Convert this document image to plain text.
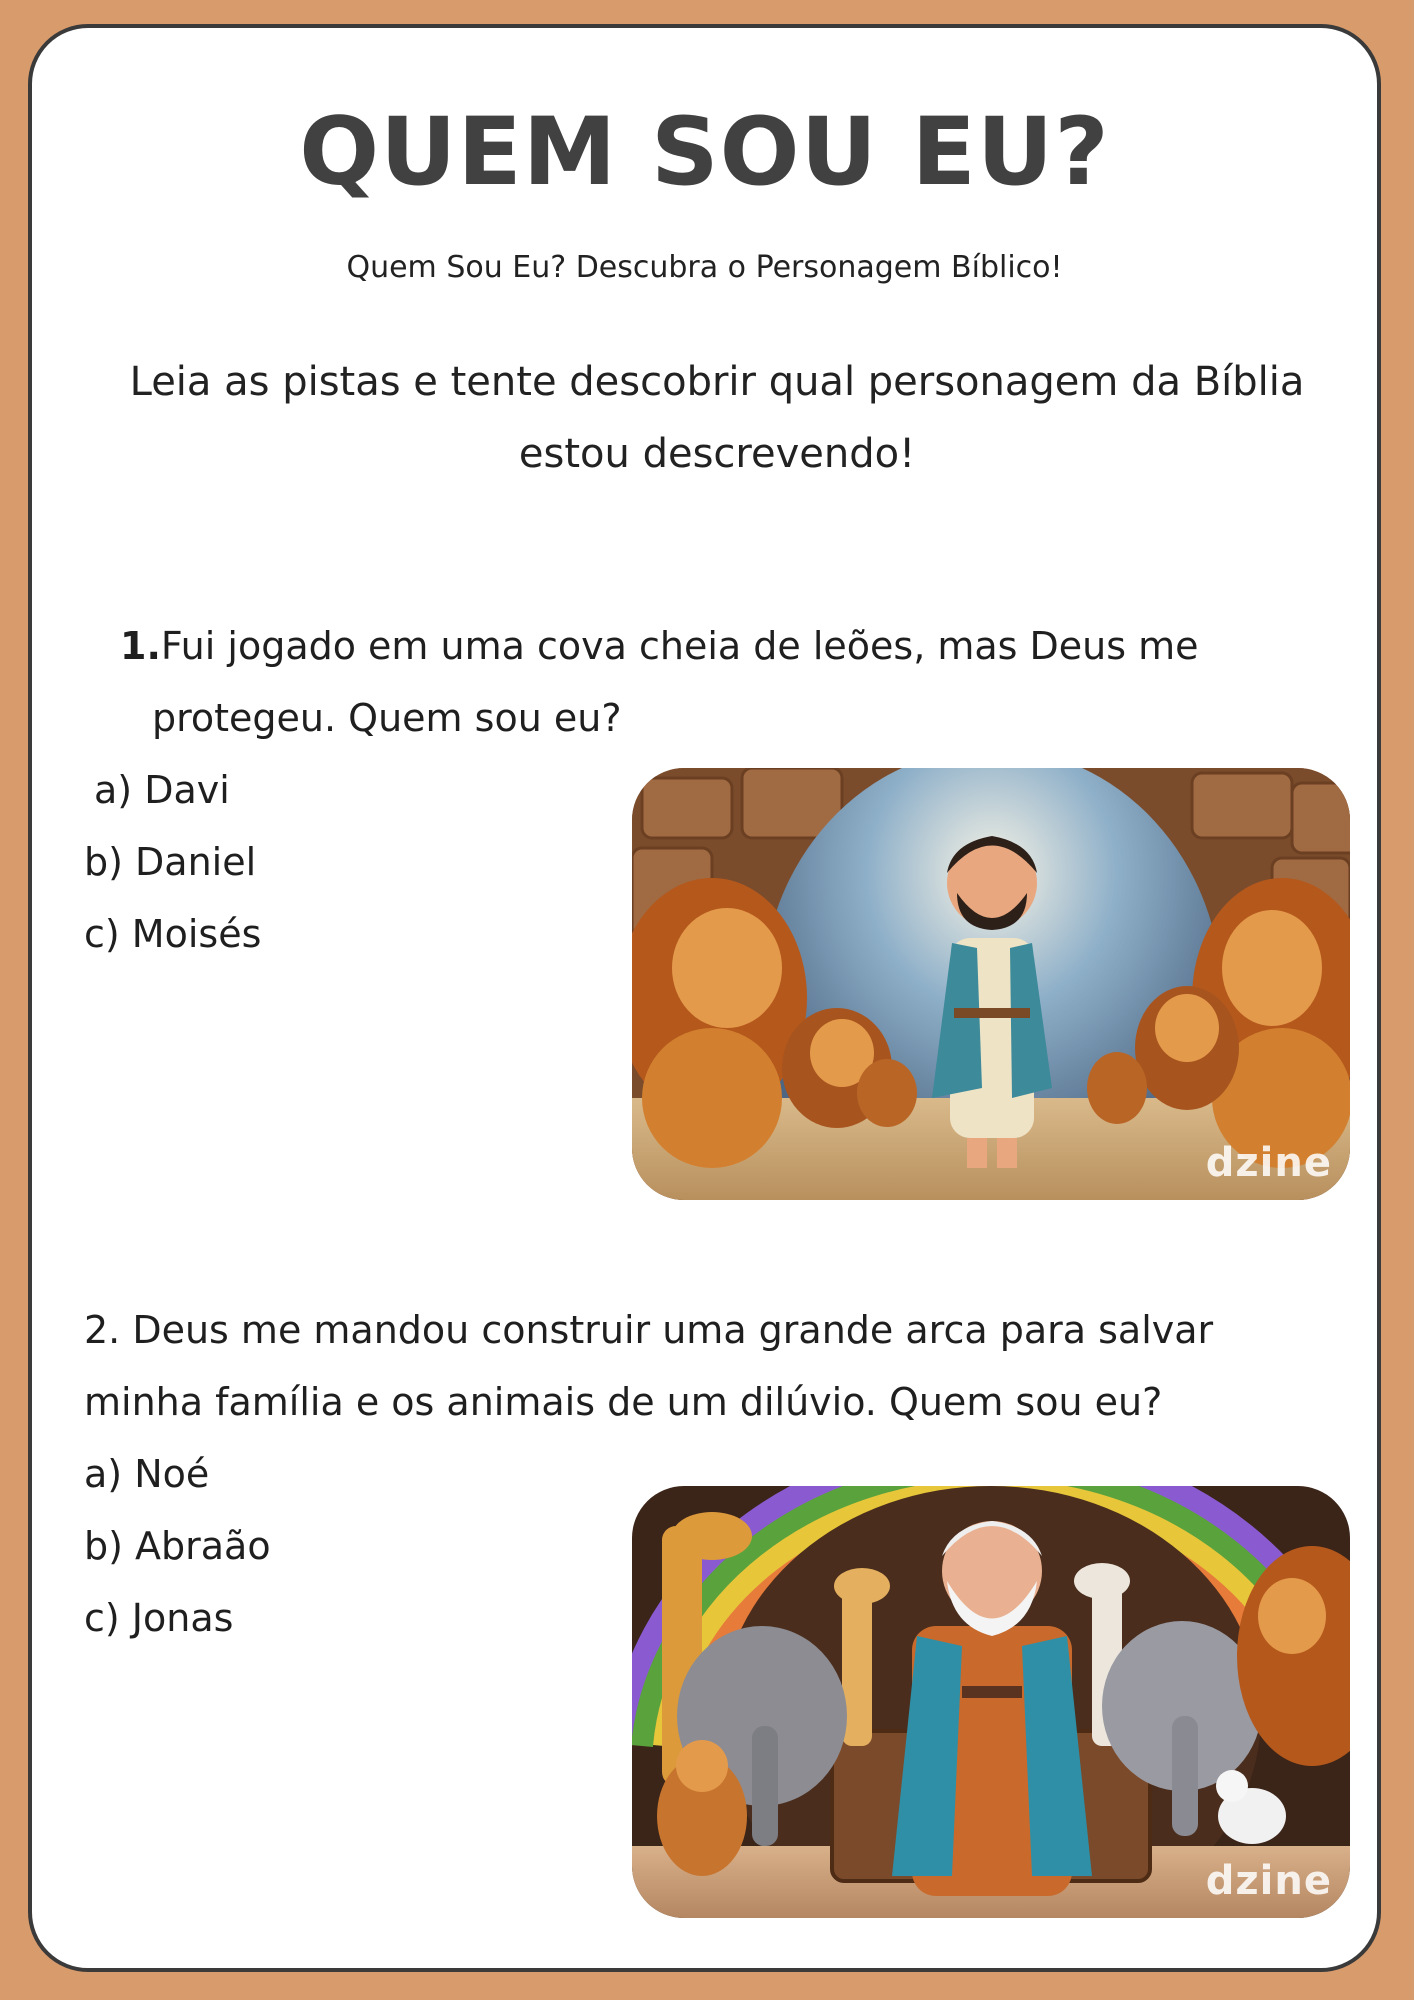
QUEM SOU EU?
Quem Sou Eu? Descubra o Personagem Bíblico!
Leia as pistas e tente descobrir qual personagem da Bíblia estou descrevendo!
1.Fui jogado em uma cova cheia de leões, mas Deus me
protegeu. Quem sou eu?
a) Davi
b) Daniel
c) Moisés
dzine
2. Deus me mandou construir uma grande arca para salvar minha família e os animais de um dilúvio. Quem sou eu?
a) Noé
b) Abraão
c) Jonas
dzine
